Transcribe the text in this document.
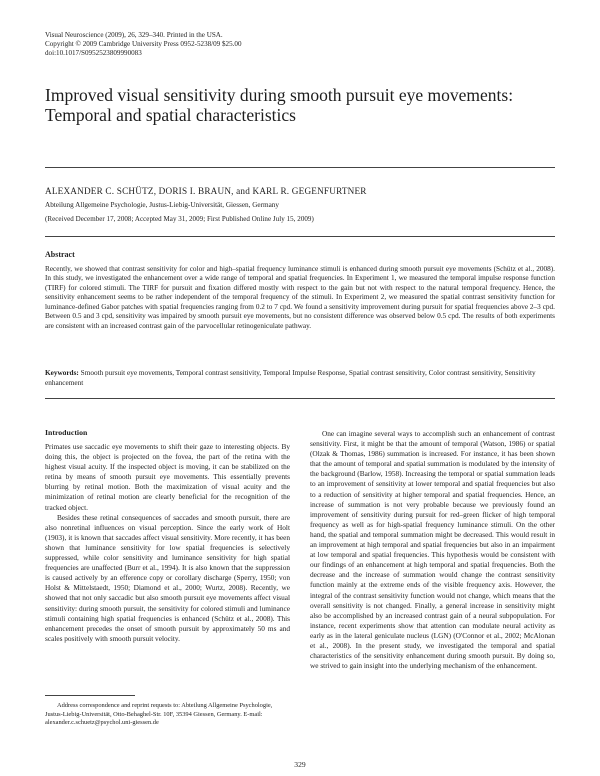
Visual Neuroscience (2009), 26, 329–340. Printed in the USA.
Copyright © 2009 Cambridge University Press 0952-5238/09 $25.00
doi:10.1017/S0952523809990083
Improved visual sensitivity during smooth pursuit eye movements: Temporal and spatial characteristics
ALEXANDER C. SCHÜTZ, DORIS I. BRAUN, and KARL R. GEGENFURTNER
Abteilung Allgemeine Psychologie, Justus-Liebig-Universität, Giessen, Germany
(Received December 17, 2008; Accepted May 31, 2009; First Published Online July 15, 2009)
Abstract
Recently, we showed that contrast sensitivity for color and high–spatial frequency luminance stimuli is enhanced during smooth pursuit eye movements (Schütz et al., 2008). In this study, we investigated the enhancement over a wide range of temporal and spatial frequencies. In Experiment 1, we measured the temporal impulse response function (TIRF) for colored stimuli. The TIRF for pursuit and fixation differed mostly with respect to the gain but not with respect to the natural temporal frequency. Hence, the sensitivity enhancement seems to be rather independent of the temporal frequency of the stimuli. In Experiment 2, we measured the spatial contrast sensitivity function for luminance-defined Gabor patches with spatial frequencies ranging from 0.2 to 7 cpd. We found a sensitivity improvement during pursuit for spatial frequencies above 2–3 cpd. Between 0.5 and 3 cpd, sensitivity was impaired by smooth pursuit eye movements, but no consistent difference was observed below 0.5 cpd. The results of both experiments are consistent with an increased contrast gain of the parvocellular retinogeniculate pathway.
Keywords: Smooth pursuit eye movements, Temporal contrast sensitivity, Temporal Impulse Response, Spatial contrast sensitivity, Color contrast sensitivity, Sensitivity enhancement
Introduction

Primates use saccadic eye movements to shift their gaze to interesting objects. By doing this, the object is projected on the fovea, the part of the retina with the highest visual acuity. If the inspected object is moving, it can be stabilized on the retina by means of smooth pursuit eye movements. This essentially prevents blurring by retinal motion. Both the maximization of visual acuity and the minimization of retinal motion are clearly beneficial for the recognition of the tracked object.

Besides these retinal consequences of saccades and smooth pursuit, there are also nonretinal influences on visual perception. Since the early work of Holt (1903), it is known that saccades affect visual sensitivity. More recently, it has been shown that luminance sensitivity for low spatial frequencies is selectively suppressed, while color sensitivity and luminance sensitivity for high spatial frequencies are unaffected (Burr et al., 1994). It is also known that the suppression is caused actively by an efference copy or corollary discharge (Sperry, 1950; von Holst & Mittelstaedt, 1950; Diamond et al., 2000; Wurtz, 2008). Recently, we showed that not only saccadic but also smooth pursuit eye movements affect visual sensitivity: during smooth pursuit, the sensitivity for colored stimuli and luminance stimuli containing high spatial frequencies is enhanced (Schütz et al., 2008). This enhancement precedes the onset of smooth pursuit by approximately 50 ms and scales positively with smooth pursuit velocity.

One can imagine several ways to accomplish such an enhancement of contrast sensitivity. First, it might be that the amount of temporal (Watson, 1986) or spatial (Olzak & Thomas, 1986) summation is increased. For instance, it has been shown that the amount of temporal and spatial summation is modulated by the intensity of the background (Barlow, 1958). Increasing the temporal or spatial summation leads to an improvement of sensitivity at lower temporal and spatial frequencies but also to a reduction of sensitivity at higher temporal and spatial frequencies. Hence, an increase of summation is not very probable because we previously found an improvement of sensitivity during pursuit for red–green flicker of high temporal frequency as well as for high-spatial frequency luminance stimuli. On the other hand, the spatial and temporal summation might be decreased. This would result in an improvement at high temporal and spatial frequencies but also in an impairment at low temporal and spatial frequencies. This hypothesis would be consistent with our findings of an enhancement at high temporal and spatial frequencies. Both the decrease and the increase of summation would change the contrast sensitivity function mainly at the extreme ends of the visible frequency axis. However, the integral of the contrast sensitivity function would not change, which means that the overall sensitivity is not changed. Finally, a general increase in sensitivity might also be accomplished by an increased contrast gain of a neural subpopulation. For instance, recent experiments show that attention can modulate neural activity as early as in the lateral geniculate nucleus (LGN) (O'Connor et al., 2002; McAlonan et al., 2008). In the present study, we investigated the temporal and spatial characteristics of the sensitivity enhancement during smooth pursuit. By doing so, we strived to gain insight into the underlying mechanism of the enhancement.

Address correspondence and reprint requests to: Abteilung Allgemeine Psychologie, Justus-Liebig-Universität, Otto-Behaghel-Str. 10F, 35394 Giessen, Germany. E-mail: alexander.c.schuetz@psychol.uni-giessen.de
329
